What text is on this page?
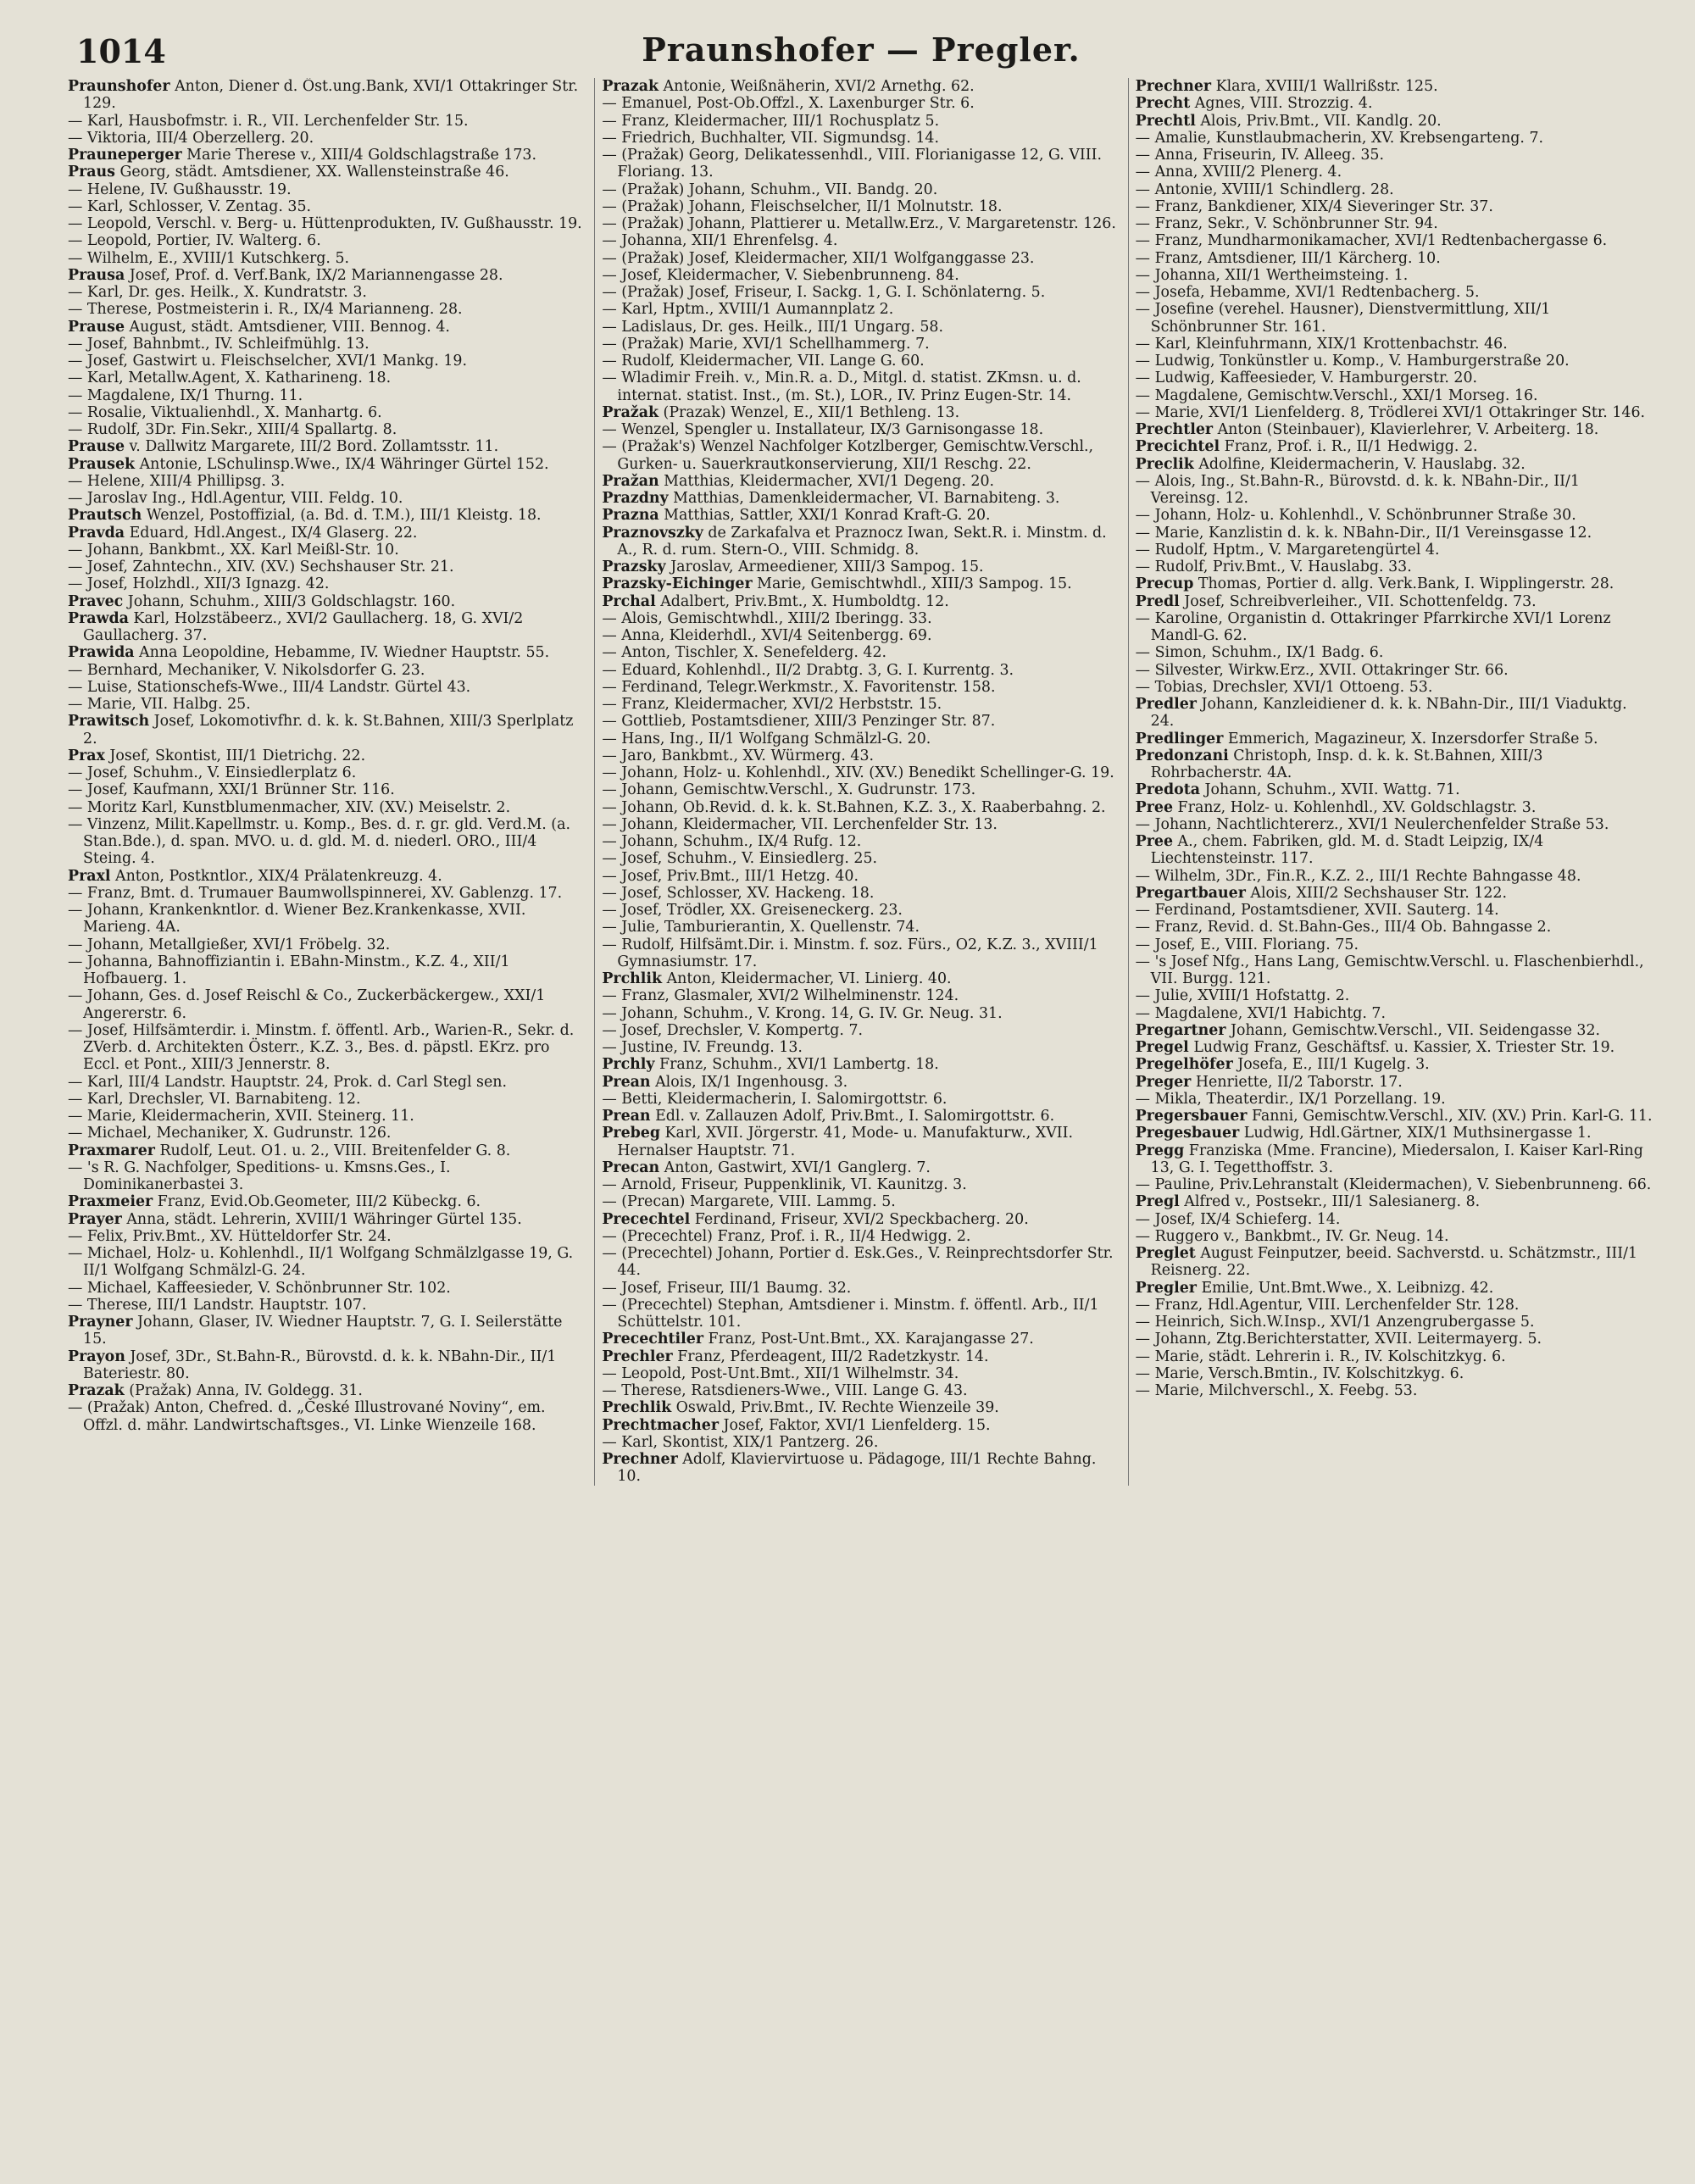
1014	Praunshofer — Pregler.

Praunshofer Anton, Diener d. Öst.ung.Bank, XVI/1 Ottakringer Str. 129.

— Karl, Hausbofmstr. i. R., VII. Lerchenfelder Str. 15.

— Viktoria, III/4 Oberzellerg. 20.

Prauneperger Marie Therese v., XIII/4 Goldschlagstraße 173.

Praus Georg, städt. Amtsdiener, XX. Wallensteinstraße 46.

— Helene, IV. Gußhausstr. 19.

— Karl, Schlosser, V. Zentag. 35.

— Leopold, Verschl. v. Berg- u. Hüttenprodukten, IV. Gußhausstr. 19.

— Leopold, Portier, IV. Walterg. 6.

— Wilhelm, E., XVIII/1 Kutschkerg. 5.

Prausa Josef, Prof. d. Verf.Bank, IX/2 Mariannengasse 28.

— Karl, Dr. ges. Heilk., X. Kundratstr. 3.

— Therese, Postmeisterin i. R., IX/4 Marianneng. 28.

Prause August, städt. Amtsdiener, VIII. Bennog. 4.

— Josef, Bahnbmt., IV. Schleifmühlg. 13.

— Josef, Gastwirt u. Fleischselcher, XVI/1 Mankg. 19.

— Karl, Metallw.Agent, X. Katharineng. 18.

— Magdalene, IX/1 Thurng. 11.

— Rosalie, Viktualienhdl., X. Manhartg. 6.

— Rudolf, 3Dr. Fin.Sekr., XIII/4 Spallartg. 8.

Prause v. Dallwitz Margarete, III/2 Bord. Zollamtsstr. 11.

Prausek Antonie, LSchulinsp.Wwe., IX/4 Währinger Gürtel 152.

— Helene, XIII/4 Phillipsg. 3.

— Jaroslav Ing., Hdl.Agentur, VIII. Feldg. 10.

Prautsch Wenzel, Postoffizial, (a. Bd. d. T.M.), III/1 Kleistg. 18.

Pravda Eduard, Hdl.Angest., IX/4 Glaserg. 22.

— Johann, Bankbmt., XX. Karl Meißl-Str. 10.

— Josef, Zahntechn., XIV. (XV.) Sechshauser Str. 21.

— Josef, Holzhdl., XII/3 Ignazg. 42.

Pravec Johann, Schuhm., XIII/3 Goldschlagstr. 160.

Prawda Karl, Holzstäbeerz., XVI/2 Gaullacherg. 18, G. XVI/2 Gaullacherg. 37.

Prawida Anna Leopoldine, Hebamme, IV. Wiedner Hauptstr. 55.

— Bernhard, Mechaniker, V. Nikolsdorfer G. 23.

— Luise, Stationschefs-Wwe., III/4 Landstr. Gürtel 43.

— Marie, VII. Halbg. 25.

Prawitsch Josef, Lokomotivfhr. d. k. k. St.Bahnen, XIII/3 Sperlplatz 2.

Prax Josef, Skontist, III/1 Dietrichg. 22.

— Josef, Schuhm., V. Einsiedlerplatz 6.

— Josef, Kaufmann, XXI/1 Brünner Str. 116.

— Moritz Karl, Kunstblumenmacher, XIV. (XV.) Meiselstr. 2.

— Vinzenz, Milit.Kapellmstr. u. Komp., Bes. d. r. gr. gld. Verd.M. (a. Stan.Bde.), d. span. MVO. u. d. gld. M. d. niederl. ORO., III/4 Steing. 4.

Praxl Anton, Postkntlor., XIX/4 Prälatenkreuzg. 4.

— Franz, Bmt. d. Trumauer Baumwollspinnerei, XV. Gablenzg. 17.

— Johann, Krankenkntlor. d. Wiener Bez.Krankenkasse, XVII. Marieng. 4A.

— Johann, Metallgießer, XVI/1 Fröbelg. 32.

— Johanna, Bahnoffiziantin i. EBahn-Minstm., K.Z. 4., XII/1 Hofbauerg. 1.

— Johann, Ges. d. Josef Reischl & Co., Zuckerbäckergew., XXI/1 Angererstr. 6.

— Josef, Hilfsämterdir. i. Minstm. f. öffentl. Arb., Warien-R., Sekr. d. ZVerb. d. Architekten Österr., K.Z. 3., Bes. d. päpstl. EKrz. pro Eccl. et Pont., XIII/3 Jennerstr. 8.

— Karl, III/4 Landstr. Hauptstr. 24, Prok. d. Carl Stegl sen.

— Karl, Drechsler, VI. Barnabiteng. 12.

— Marie, Kleidermacherin, XVII. Steinerg. 11.

— Michael, Mechaniker, X. Gudrunstr. 126.

Praxmarer Rudolf, Leut. O1. u. 2., VIII. Breitenfelder G. 8.

— 's R. G. Nachfolger, Speditions- u. Kmsns.Ges., I. Dominikanerbastei 3.

Praxmeier Franz, Evid.Ob.Geometer, III/2 Kübeckg. 6.

Prayer Anna, städt. Lehrerin, XVIII/1 Währinger Gürtel 135.

— Felix, Priv.Bmt., XV. Hütteldorfer Str. 24.

— Michael, Holz- u. Kohlenhdl., II/1 Wolfgang Schmälzlgasse 19, G. II/1 Wolfgang Schmälzl-G. 24.

— Michael, Kaffeesieder, V. Schönbrunner Str. 102.

— Therese, III/1 Landstr. Hauptstr. 107.

Prayner Johann, Glaser, IV. Wiedner Hauptstr. 7, G. I. Seilerstätte 15.

Prayon Josef, 3Dr., St.Bahn-R., Bürovstd. d. k. k. NBahn-Dir., II/1 Bateriestr. 80.

Prazak (Pražak) Anna, IV. Goldegg. 31.

— (Pražak) Anton, Chefred. d. „České Illustrované Noviny“, em. Offzl. d. mähr. Landwirtschaftsges., VI. Linke Wienzeile 168.

Prazak Antonie, Weißnäherin, XVI/2 Arnethg. 62.

— Emanuel, Post-Ob.Offzl., X. Laxenburger Str. 6.

— Franz, Kleidermacher, III/1 Rochusplatz 5.

— Friedrich, Buchhalter, VII. Sigmundsg. 14.

— (Pražak) Georg, Delikatessenhdl., VIII. Florianigasse 12, G. VIII. Floriang. 13.

— (Pražak) Johann, Schuhm., VII. Bandg. 20.

— (Pražak) Johann, Fleischselcher, II/1 Molnutstr. 18.

— (Pražak) Johann, Plattierer u. Metallw.Erz., V. Margaretenstr. 126.

— Johanna, XII/1 Ehrenfelsg. 4.

— (Pražak) Josef, Kleidermacher, XII/1 Wolfganggasse 23.

— Josef, Kleidermacher, V. Siebenbrunneng. 84.

— (Pražak) Josef, Friseur, I. Sackg. 1, G. I. Schönlaterng. 5.

— Karl, Hptm., XVIII/1 Aumannplatz 2.

— Ladislaus, Dr. ges. Heilk., III/1 Ungarg. 58.

— (Pražak) Marie, XVI/1 Schellhammerg. 7.

— Rudolf, Kleidermacher, VII. Lange G. 60.

— Wladimir Freih. v., Min.R. a. D., Mitgl. d. statist. ZKmsn. u. d. internat. statist. Inst., (m. St.), LOR., IV. Prinz Eugen-Str. 14.

Pražak (Prazak) Wenzel, E., XII/1 Bethleng. 13.

— Wenzel, Spengler u. Installateur, IX/3 Garnisongasse 18.

— (Pražak's) Wenzel Nachfolger Kotzlberger, Gemischtw.Verschl., Gurken- u. Sauerkrautkonservierung, XII/1 Reschg. 22.

Pražan Matthias, Kleidermacher, XVI/1 Degeng. 20.

Prazdny Matthias, Damenkleidermacher, VI. Barnabiteng. 3.

Prazna Matthias, Sattler, XXI/1 Konrad Kraft-G. 20.

Praznovszky de Zarkafalva et Praznocz Iwan, Sekt.R. i. Minstm. d. A., R. d. rum. Stern-O., VIII. Schmidg. 8.

Prazsky Jaroslav, Armeediener, XIII/3 Sampog. 15.

Prazsky-Eichinger Marie, Gemischtwhdl., XIII/3 Sampog. 15.

Prchal Adalbert, Priv.Bmt., X. Humboldtg. 12.

— Alois, Gemischtwhdl., XIII/2 Iberingg. 33.

— Anna, Kleiderhdl., XVI/4 Seitenbergg. 69.

— Anton, Tischler, X. Senefelderg. 42.

— Eduard, Kohlenhdl., II/2 Drabtg. 3, G. I. Kurrentg. 3.

— Ferdinand, Telegr.Werkmstr., X. Favoritenstr. 158.

— Franz, Kleidermacher, XVI/2 Herbststr. 15.

— Gottlieb, Postamtsdiener, XIII/3 Penzinger Str. 87.

— Hans, Ing., II/1 Wolfgang Schmälzl-G. 20.

— Jaro, Bankbmt., XV. Würmerg. 43.

— Johann, Holz- u. Kohlenhdl., XIV. (XV.) Benedikt Schellinger-G. 19.

— Johann, Gemischtw.Verschl., X. Gudrunstr. 173.

— Johann, Ob.Revid. d. k. k. St.Bahnen, K.Z. 3., X. Raaberbahng. 2.

— Johann, Kleidermacher, VII. Lerchenfelder Str. 13.

— Johann, Schuhm., IX/4 Rufg. 12.

— Josef, Schuhm., V. Einsiedlerg. 25.

— Josef, Priv.Bmt., III/1 Hetzg. 40.

— Josef, Schlosser, XV. Hackeng. 18.

— Josef, Trödler, XX. Greiseneckerg. 23.

— Julie, Tamburierantin, X. Quellenstr. 74.

— Rudolf, Hilfsämt.Dir. i. Minstm. f. soz. Fürs., O2, K.Z. 3., XVIII/1 Gymnasiumstr. 17.

Prchlik Anton, Kleidermacher, VI. Linierg. 40.

— Franz, Glasmaler, XVI/2 Wilhelminenstr. 124.

— Johann, Schuhm., V. Krong. 14, G. IV. Gr. Neug. 31.

— Josef, Drechsler, V. Kompertg. 7.

— Justine, IV. Freundg. 13.

Prchly Franz, Schuhm., XVI/1 Lambertg. 18.

Prean Alois, IX/1 Ingenhousg. 3.

— Betti, Kleidermacherin, I. Salomirgottstr. 6.

Prean Edl. v. Zallauzen Adolf, Priv.Bmt., I. Salomirgottstr. 6.

Prebeg Karl, XVII. Jörgerstr. 41, Mode- u. Manufakturw., XVII. Hernalser Hauptstr. 71.

Precan Anton, Gastwirt, XVI/1 Ganglerg. 7.

— Arnold, Friseur, Puppenklinik, VI. Kaunitzg. 3.

— (Precan) Margarete, VIII. Lammg. 5.

Precechtel Ferdinand, Friseur, XVI/2 Speckbacherg. 20.

— (Precechtel) Franz, Prof. i. R., II/4 Hedwigg. 2.

— (Precechtel) Johann, Portier d. Esk.Ges., V. Reinprechtsdorfer Str. 44.

— Josef, Friseur, III/1 Baumg. 32.

— (Precechtel) Stephan, Amtsdiener i. Minstm. f. öffentl. Arb., II/1 Schüttelstr. 101.

Precechtiler Franz, Post-Unt.Bmt., XX. Karajangasse 27.

Prechler Franz, Pferdeagent, III/2 Radetzkystr. 14.

— Leopold, Post-Unt.Bmt., XII/1 Wilhelmstr. 34.

— Therese, Ratsdieners-Wwe., VIII. Lange G. 43.

Prechlik Oswald, Priv.Bmt., IV. Rechte Wienzeile 39.

Prechtmacher Josef, Faktor, XVI/1 Lienfelderg. 15.

— Karl, Skontist, XIX/1 Pantzerg. 26.

Prechner Adolf, Klaviervirtuose u. Pädagoge, III/1 Rechte Bahng. 10.

Prechner Klara, XVIII/1 Wallrißstr. 125.

Precht Agnes, VIII. Strozzig. 4.

Prechtl Alois, Priv.Bmt., VII. Kandlg. 20.

— Amalie, Kunstlaubmacherin, XV. Krebsengarteng. 7.

— Anna, Friseurin, IV. Alleeg. 35.

— Anna, XVIII/2 Plenerg. 4.

— Antonie, XVIII/1 Schindlerg. 28.

— Franz, Bankdiener, XIX/4 Sieveringer Str. 37.

— Franz, Sekr., V. Schönbrunner Str. 94.

— Franz, Mundharmonikamacher, XVI/1 Redtenbachergasse 6.

— Franz, Amtsdiener, III/1 Kärcherg. 10.

— Johanna, XII/1 Wertheimsteing. 1.

— Josefa, Hebamme, XVI/1 Redtenbacherg. 5.

— Josefine (verehel. Hausner), Dienstvermittlung, XII/1 Schönbrunner Str. 161.

— Karl, Kleinfuhrmann, XIX/1 Krottenbachstr. 46.

— Ludwig, Tonkünstler u. Komp., V. Hamburgerstraße 20.

— Ludwig, Kaffeesieder, V. Hamburgerstr. 20.

— Magdalene, Gemischtw.Verschl., XXI/1 Morseg. 16.

— Marie, XVI/1 Lienfelderg. 8, Trödlerei XVI/1 Ottakringer Str. 146.

Prechtler Anton (Steinbauer), Klavierlehrer, V. Arbeiterg. 18.

Precichtel Franz, Prof. i. R., II/1 Hedwigg. 2.

Preclik Adolfine, Kleidermacherin, V. Hauslabg. 32.

— Alois, Ing., St.Bahn-R., Bürovstd. d. k. k. NBahn-Dir., II/1 Vereinsg. 12.

— Johann, Holz- u. Kohlenhdl., V. Schönbrunner Straße 30.

— Marie, Kanzlistin d. k. k. NBahn-Dir., II/1 Vereinsgasse 12.

— Rudolf, Hptm., V. Margaretengürtel 4.

— Rudolf, Priv.Bmt., V. Hauslabg. 33.

Precup Thomas, Portier d. allg. Verk.Bank, I. Wipplingerstr. 28.

Predl Josef, Schreibverleiher., VII. Schottenfeldg. 73.

— Karoline, Organistin d. Ottakringer Pfarrkirche XVI/1 Lorenz Mandl-G. 62.

— Simon, Schuhm., IX/1 Badg. 6.

— Silvester, Wirkw.Erz., XVII. Ottakringer Str. 66.

— Tobias, Drechsler, XVI/1 Ottoeng. 53.

Predler Johann, Kanzleidiener d. k. k. NBahn-Dir., III/1 Viaduktg. 24.

Predlinger Emmerich, Magazineur, X. Inzersdorfer Straße 5.

Predonzani Christoph, Insp. d. k. k. St.Bahnen, XIII/3 Rohrbacherstr. 4A.

Predota Johann, Schuhm., XVII. Wattg. 71.

Pree Franz, Holz- u. Kohlenhdl., XV. Goldschlagstr. 3.

— Johann, Nachtlichtererz., XVI/1 Neulerchenfelder Straße 53.

Pree A., chem. Fabriken, gld. M. d. Stadt Leipzig, IX/4 Liechtensteinstr. 117.

— Wilhelm, 3Dr., Fin.R., K.Z. 2., III/1 Rechte Bahngasse 48.

Pregartbauer Alois, XIII/2 Sechshauser Str. 122.

— Ferdinand, Postamtsdiener, XVII. Sauterg. 14.

— Franz, Revid. d. St.Bahn-Ges., III/4 Ob. Bahngasse 2.

— Josef, E., VIII. Floriang. 75.

— 's Josef Nfg., Hans Lang, Gemischtw.Verschl. u. Flaschenbierhdl., VII. Burgg. 121.

— Julie, XVIII/1 Hofstattg. 2.

— Magdalene, XVI/1 Habichtg. 7.

Pregartner Johann, Gemischtw.Verschl., VII. Seidengasse 32.

Pregel Ludwig Franz, Geschäftsf. u. Kassier, X. Triester Str. 19.

Pregelhöfer Josefa, E., III/1 Kugelg. 3.

Preger Henriette, II/2 Taborstr. 17.

— Mikla, Theaterdir., IX/1 Porzellang. 19.

Pregersbauer Fanni, Gemischtw.Verschl., XIV. (XV.) Prin. Karl-G. 11.

Pregesbauer Ludwig, Hdl.Gärtner, XIX/1 Muthsinergasse 1.

Pregg Franziska (Mme. Francine), Miedersalon, I. Kaiser Karl-Ring 13, G. I. Tegetthoffstr. 3.

— Pauline, Priv.Lehranstalt (Kleidermachen), V. Siebenbrunneng. 66.

Pregl Alfred v., Postsekr., III/1 Salesianerg. 8.

— Josef, IX/4 Schieferg. 14.

— Ruggero v., Bankbmt., IV. Gr. Neug. 14.

Preglet August Feinputzer, beeid. Sachverstd. u. Schätzmstr., III/1 Reisnerg. 22.

Pregler Emilie, Unt.Bmt.Wwe., X. Leibnizg. 42.

— Franz, Hdl.Agentur, VIII. Lerchenfelder Str. 128.

— Heinrich, Sich.W.Insp., XVI/1 Anzengrubergasse 5.

— Johann, Ztg.Berichterstatter, XVII. Leitermayerg. 5.

— Marie, städt. Lehrerin i. R., IV. Kolschitzkyg. 6.

— Marie, Versch.Bmtin., IV. Kolschitzkyg. 6.

— Marie, Milchverschl., X. Feebg. 53.
